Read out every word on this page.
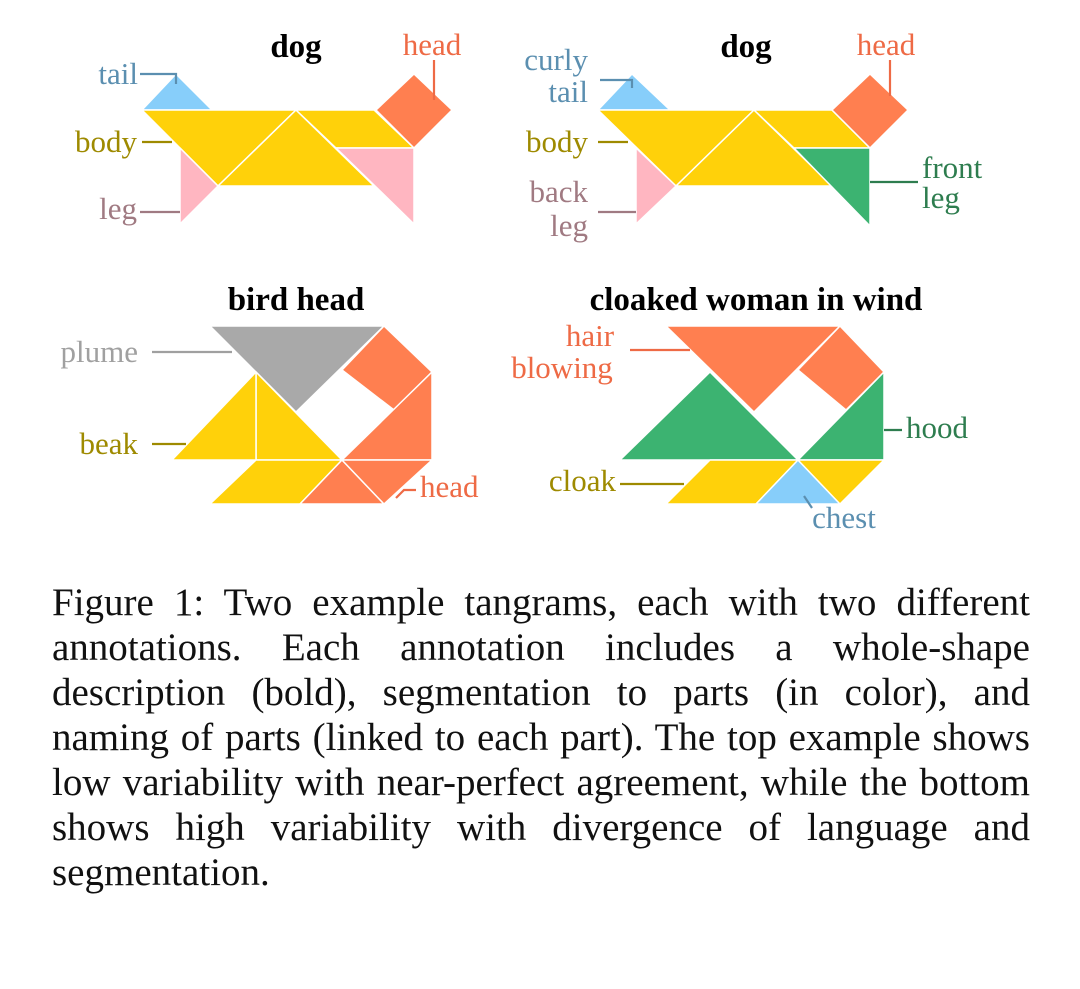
dog
tail
head
body
leg
dog
curly
tail
head
body
back
leg
front
leg
bird head
plume
beak
head
cloaked woman in wind
hair
blowing
hood
cloak
chest

Figure 1: Two example tangrams, each with two different annotations. Each annotation includes a whole-shape description (bold), segmentation to parts (in color), and naming of parts (linked to each part). The top example shows low variability with near-perfect agreement, while the bottom shows high variability with divergence of language and segmentation.
